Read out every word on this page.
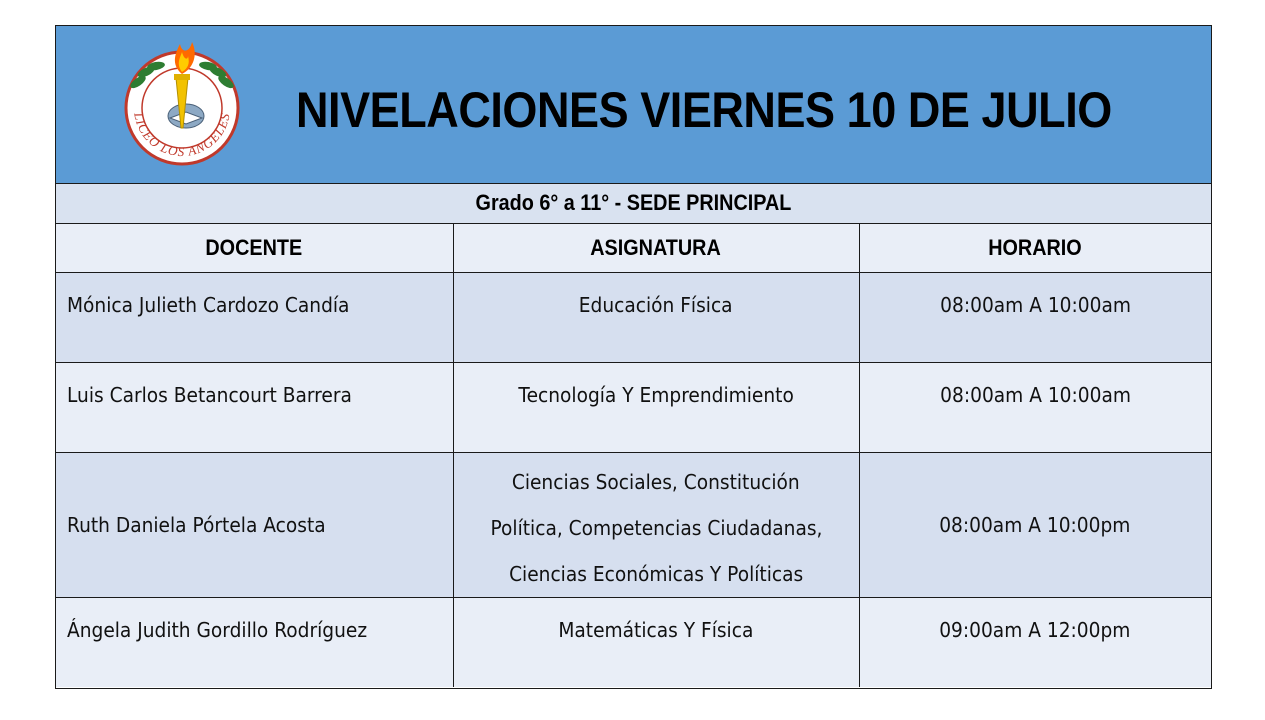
LICEO LOS ANGELES NIVELACIONES VIERNES 10 DE JULIO
Grado 6° a 11° - SEDE PRINCIPAL
DOCENTE	ASIGNATURA	HORARIO
Mónica Julieth Cardozo Candía	Educación Física	08:00am A 10:00am
Luis Carlos Betancourt Barrera	Tecnología Y Emprendimiento	08:00am A 10:00am
Ruth Daniela Pórtela Acosta	Ciencias Sociales, Constitución
Política, Competencias Ciudadanas,
Ciencias Económicas Y Políticas	08:00am A 10:00pm
Ángela Judith Gordillo Rodríguez	Matemáticas Y Física	09:00am A 12:00pm
